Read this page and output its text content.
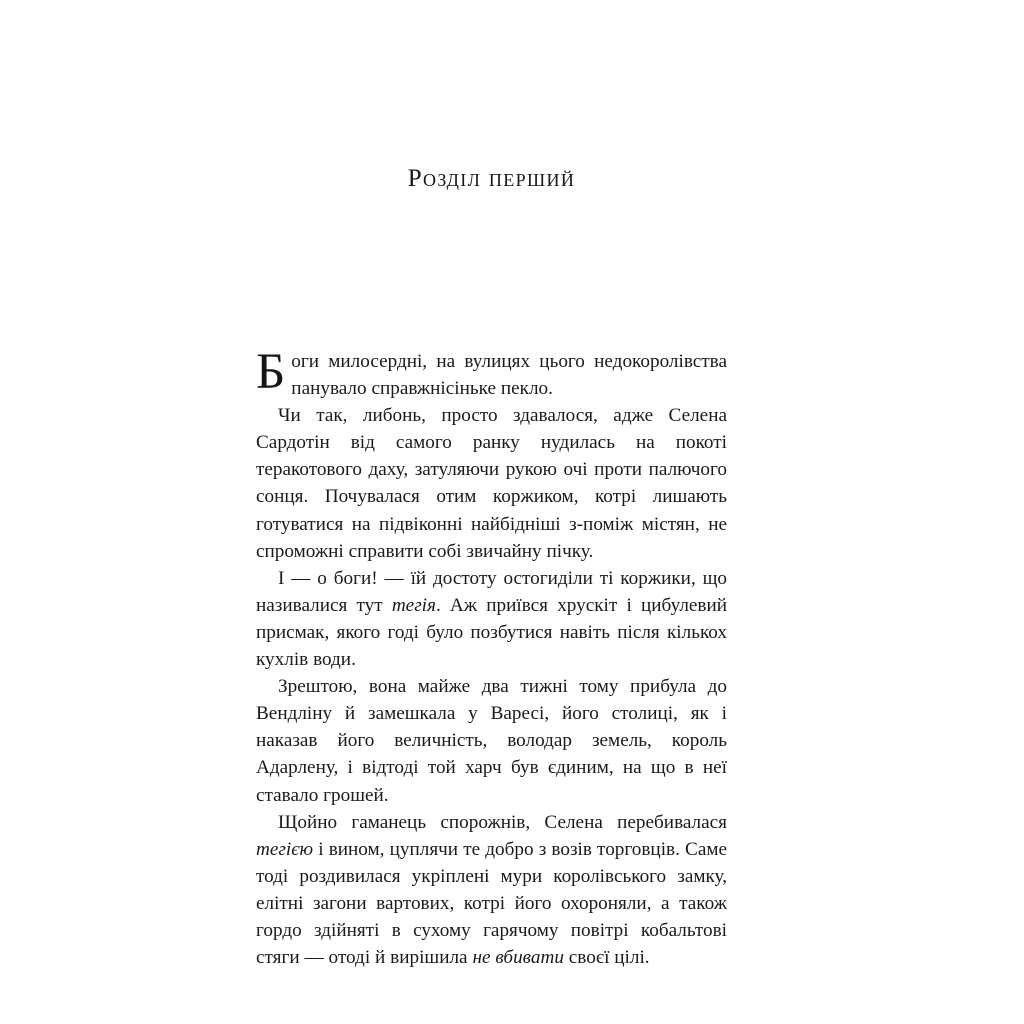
Розділ перший

Боги милосердні, на вулицях цього недокоролівства панувало справжнісіньке пекло.

Чи так, либонь, просто здавалося, адже Селена Сардотін від самого ранку нудилась на покоті теракотового даху, затуляючи рукою очі проти палючого сонця. Почувалася отим коржиком, котрі лишають готуватися на підвіконні найбідніші з-поміж містян, не спроможні справити собі звичайну пічку.

І — о боги! — їй достоту остогиділи ті коржики, що називалися тут тегія. Аж приївся хрускіт і цибулевий присмак, якого годі було позбутися навіть після кількох кухлів води.

Зрештою, вона майже два тижні тому прибула до Вендліну й замешкала у Варесі, його столиці, як і наказав його величність, володар земель, король Адарлену, і відтоді той харч був єдиним, на що в неї ставало грошей.

Щойно гаманець спорожнів, Селена перебивалася тегією і вином, цуплячи те добро з возів торговців. Саме тоді роздивилася укріплені мури королівського замку, елітні загони вартових, котрі його охороняли, а також гордо здійняті в сухому гарячому повітрі кобальтові стяги — отоді й вирішила не вбивати своєї цілі.
